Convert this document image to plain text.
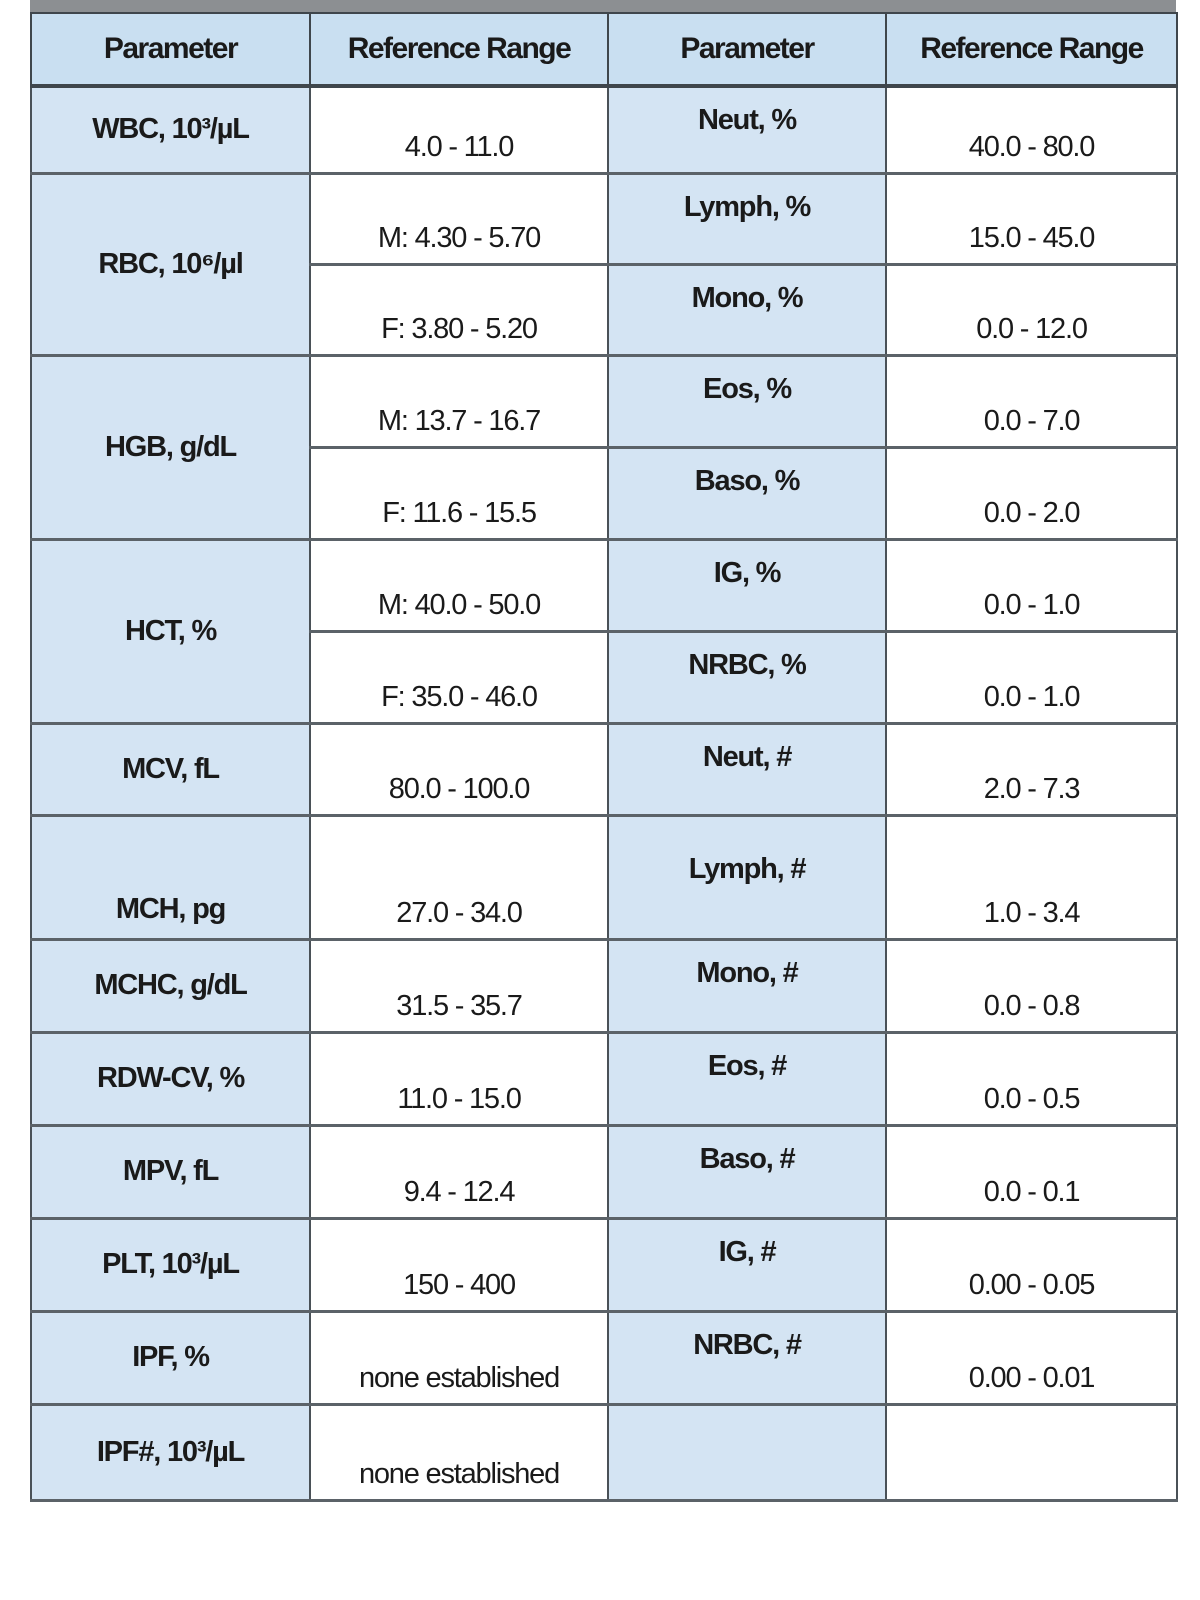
Parameter	Reference Range	Parameter	Reference Range
WBC, 10³/µL	4.0 - 11.0	Neut, %	40.0 - 80.0
RBC, 10⁶/µl	M: 4.30 - 5.70	Lymph, %	15.0 - 45.0
	F: 3.80 - 5.20	Mono, %	0.0 - 12.0
HGB, g/dL	M: 13.7 - 16.7	Eos, %	0.0 - 7.0
	F: 11.6 - 15.5	Baso, %	0.0 - 2.0
HCT, %	M: 40.0 - 50.0	IG, %	0.0 - 1.0
	F: 35.0 - 46.0	NRBC, %	0.0 - 1.0
MCV, fL	80.0 - 100.0	Neut, #	2.0 - 7.3
MCH, pg	27.0 - 34.0	Lymph, #	1.0 - 3.4
MCHC, g/dL	31.5 - 35.7	Mono, #	0.0 - 0.8
RDW-CV, %	11.0 - 15.0	Eos, #	0.0 - 0.5
MPV, fL	9.4 - 12.4	Baso, #	0.0 - 0.1
PLT, 10³/µL	150 - 400	IG, #	0.00 - 0.05
IPF, %	none established	NRBC, #	0.00 - 0.01
IPF#, 10³/µL	none established		
